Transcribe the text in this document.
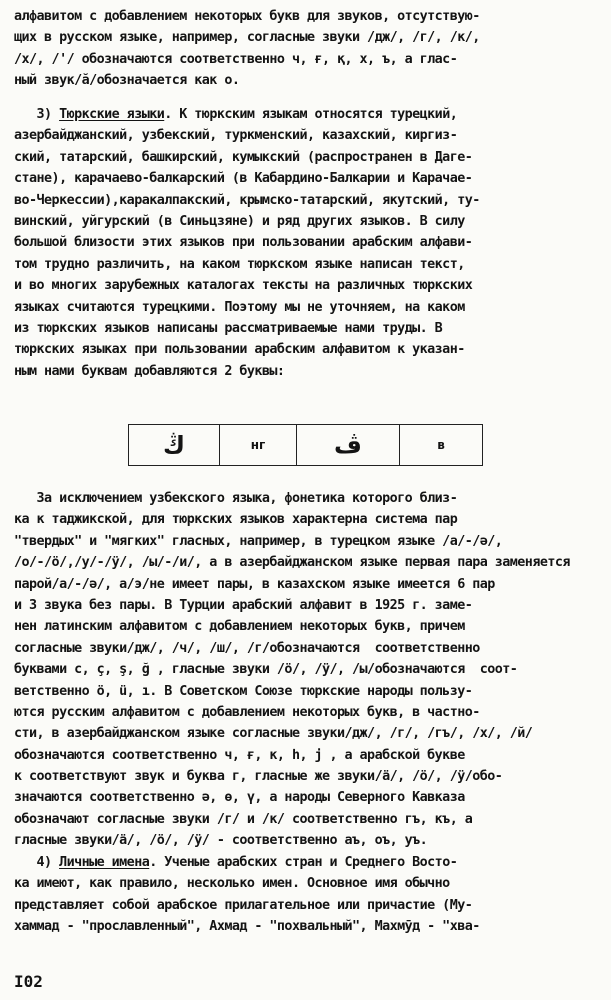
алфавитом с добавлением некоторых букв для звуков, отсутствую-
щих в русском языке, например, согласные звуки /дж/, /г/, /к/,
/х/, /'/ обозначаются соответственно ч, ғ, қ, х, ъ, а глас-
ный звук/ă/обозначается как о.
3) Тюркские языки. К тюркским языкам относятся турецкий,
азербайджанский, узбекский, туркменский, казахский, киргиз-
ский, татарский, башкирский, кумыкский (распространен в Даге-
стане), карачаево-балкарский (в Кабардино-Балкарии и Карачае-
во-Черкессии),каракалпакский, крымско-татарский, якутский, ту-
винский, уйгурский (в Синьцзяне) и ряд других языков. В силу
большой близости этих языков при пользовании арабским алфави-
том трудно различить, на каком тюркском языке написан текст,
и во многих зарубежных каталогах тексты на различных тюркских
языках считаются турецкими. Поэтому мы не уточняем, на каком
из тюркских языков написаны рассматриваемые нами труды. В
тюркских языках при пользовании арабским алфавитом к указан-
ным нами буквам добавляются 2 буквы:
ڭ	нг	ڤ	в
За исключением узбекского языка, фонетика которого близ-
ка к таджикской, для тюркских языков характерна система пар
"твердых" и "мягких" гласных, например, в турецком языке /а/-/ә/,
/о/-/ö/,/у/-/ÿ/, /ы/-/и/, а в азербайджанском языке первая пара заменяется
парой/а/-/ә/, а/э/не имеет пары, в казахском языке имеется 6 пар
и 3 звука без пары. В Турции арабский алфавит в 1925 г. заме-
нен латинским алфавитом с добавлением некоторых букв, причем
согласные звуки/дж/, /ч/, /ш/, /г/обозначаются  соответственно
буквами c, ç, ş, ğ , гласные звуки /ö/, /ÿ/, /ы/обозначаются  соот-
ветственно ö, ü, ı. В Советском Союзе тюркские народы пользу-
ются русским алфавитом с добавлением некоторых букв, в частно-
сти, в азербайджанском языке согласные звуки/дж/, /г/, /гъ/, /х/, /й/
обозначаются соответственно ч, ғ, к, һ, ј , а арабской букве
к соответствуют звук и буква г, гласные же звуки/ä/, /ö/, /ÿ/обо-
значаются соответственно ә, ө, ү, а народы Северного Кавказа
обозначают согласные звуки /г/ и /к/ соответственно гъ, къ, а
гласные звуки/ä/, /ö/, /ÿ/ - соответственно аъ, оъ, уъ.
4) Личные имена. Ученые арабских стран и Среднего Восто-
ка имеют, как правило, несколько имен. Основное имя обычно
представляет собой арабское прилагательное или причастие (Му-
хаммад - "прославленный", Ахмад - "похвальный", Махмӯд - "хва-
I02
